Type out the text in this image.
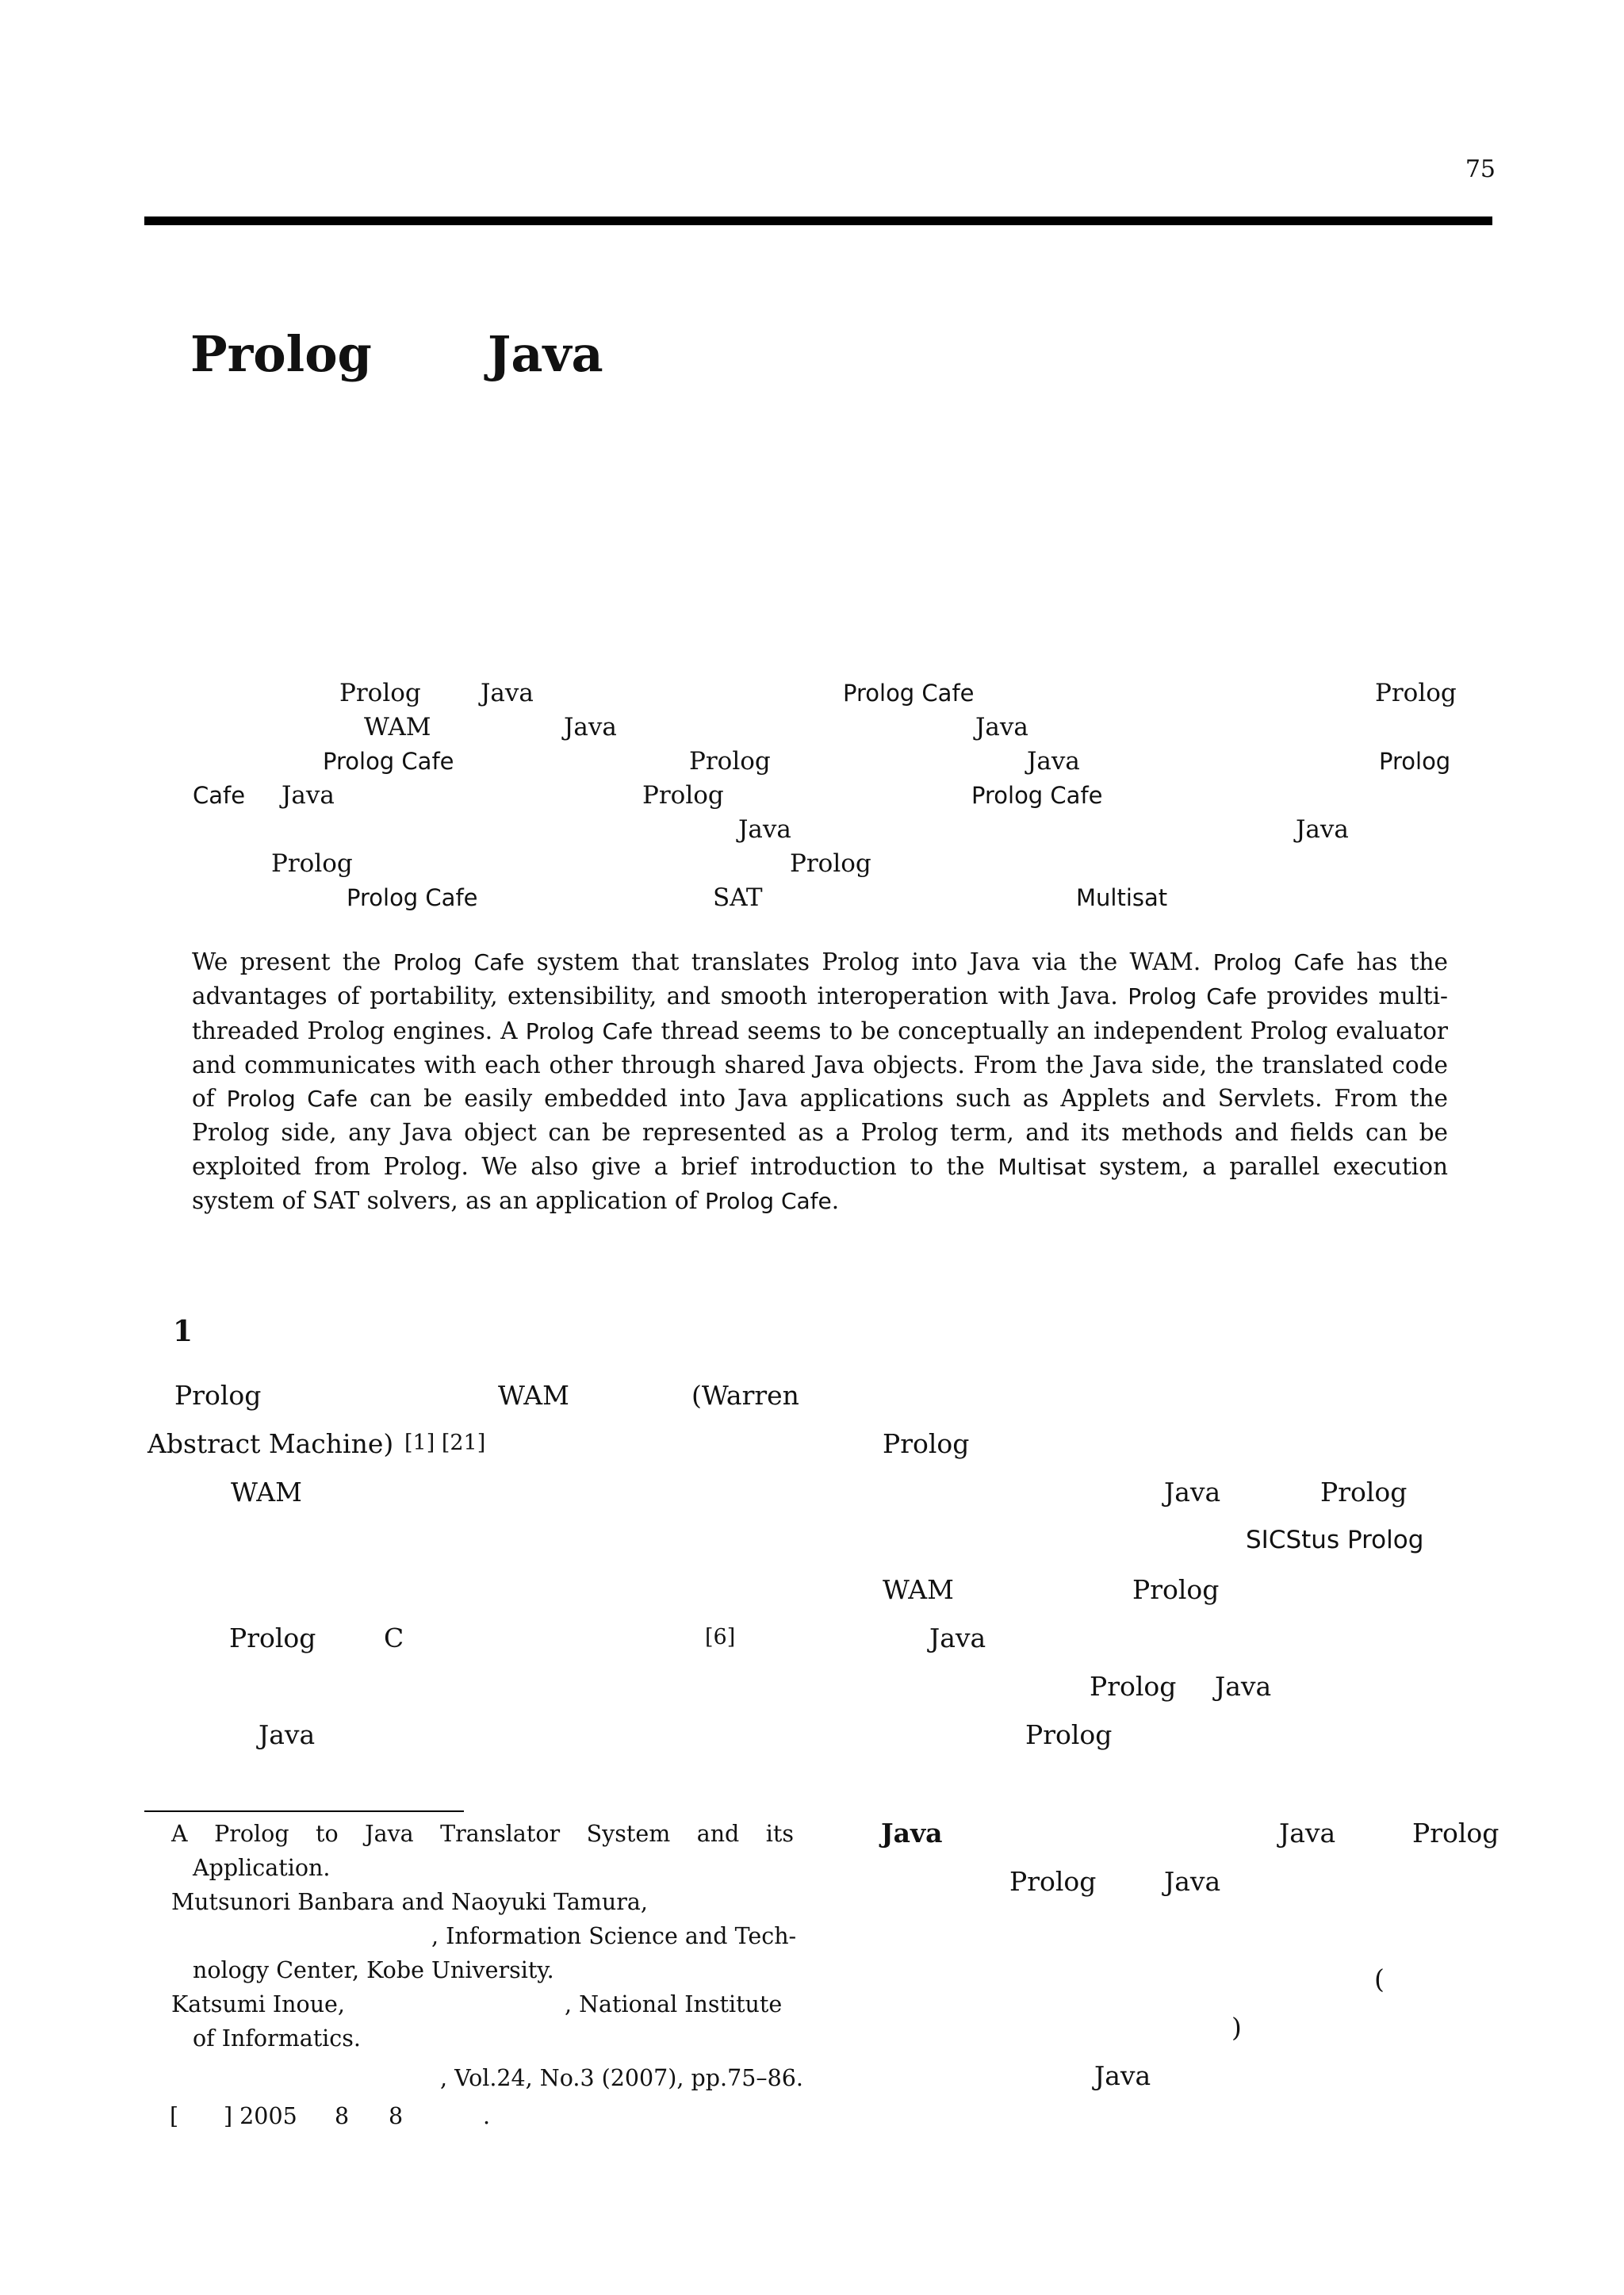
75
Prolog Java
Prolog Java	Prolog Cafe	Prolog
WAM	Java	Java
Prolog Cafe	Prolog	Java	Prolog
Cafe Java	Prolog	Prolog Cafe
Java	Java
Prolog	Prolog
Prolog Cafe	SAT	Multisat

We present the Prolog Cafe system that translates Prolog into Java via the WAM. Prolog Cafe has the advantages of portability, extensibility, and smooth interoperation with Java. Prolog Cafe provides multi-threaded Prolog engines. A Prolog Cafe thread seems to be conceptually an independent Prolog evaluator and communicates with each other through shared Java objects. From the Java side, the translated code of Prolog Cafe can be easily embedded into Java applications such as Applets and Servlets. From the Prolog side, any Java object can be represented as a Prolog term, and its methods and fields can be exploited from Prolog. We also give a brief introduction to the Multisat system, a parallel execution system of SAT solvers, as an application of Prolog Cafe.

1
Prolog	WAM	(Warren
Abstract Machine) [1] [21]
WAM
Prolog	C	[6]
Java
Prolog
Java	Prolog
SICStus Prolog
WAM	Prolog
Java
Prolog Java
Prolog
Java	Java	Prolog
Prolog	Java
(
)
Java
A Prolog to Java Translator System and its
Application.
Mutsunori Banbara and Naoyuki Tamura,
, Information Science and Tech-
nology Center, Kobe University.
Katsumi Inoue,	, National Institute
of Informatics.
, Vol.24, No.3 (2007), pp.75–86.
[ ] 2005 8 8	.
